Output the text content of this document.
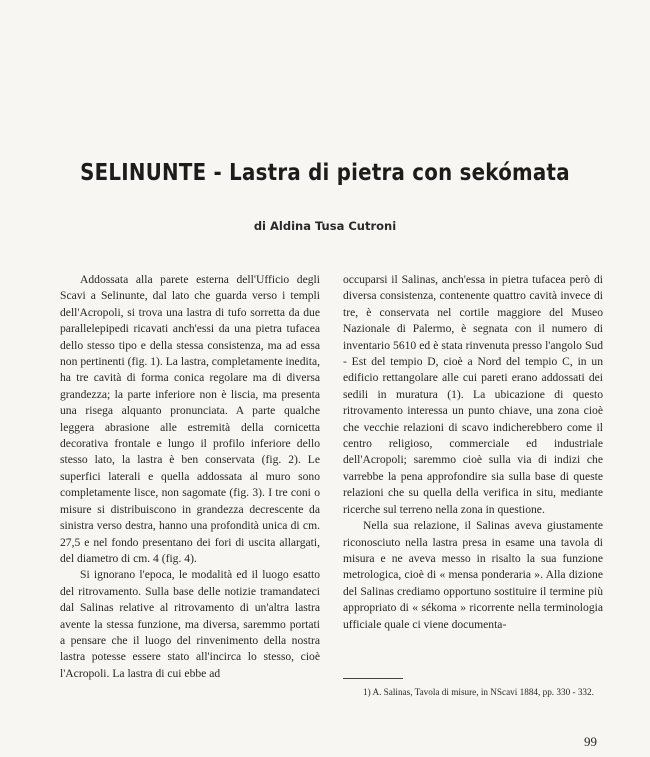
SELINUNTE - Lastra di pietra con sekómata

di Aldina Tusa Cutroni

Addossata alla parete esterna dell'Ufficio degli Scavi a Selinunte, dal lato che guarda verso i templi dell'Acropoli, si trova una lastra di tufo sorretta da due parallelepipedi ricavati anch'essi da una pietra tufacea dello stesso tipo e della stessa consistenza, ma ad essa non pertinenti (fig. 1). La lastra, completamente inedita, ha tre cavità di forma conica regolare ma di diversa grandezza; la parte inferiore non è liscia, ma presenta una risega alquanto pronunciata. A parte qualche leggera abrasione alle estremità della cornicetta decorativa frontale e lungo il profilo inferiore dello stesso lato, la lastra è ben conservata (fig. 2). Le superfici laterali e quella addossata al muro sono completamente lisce, non sagomate (fig. 3). I tre coni o misure si distribuiscono in grandezza decrescente da sinistra verso destra, hanno una profondità unica di cm. 27,5 e nel fondo presentano dei fori di uscita allargati, del diametro di cm. 4 (fig. 4).

Si ignorano l'epoca, le modalità ed il luogo esatto del ritrovamento. Sulla base delle notizie tramandateci dal Salinas relative al ritrovamento di un'altra lastra avente la stessa funzione, ma diversa, saremmo portati a pensare che il luogo del rinvenimento della nostra lastra potesse essere stato all'incirca lo stesso, cioè l'Acropoli. La lastra di cui ebbe ad

occuparsi il Salinas, anch'essa in pietra tufacea però di diversa consistenza, contenente quattro cavità invece di tre, è conservata nel cortile maggiore del Museo Nazionale di Palermo, è segnata con il numero di inventario 5610 ed è stata rinvenuta presso l'angolo Sud - Est del tempio D, cioè a Nord del tempio C, in un edificio rettangolare alle cui pareti erano addossati dei sedili in muratura (1). La ubicazione di questo ritrovamento interessa un punto chiave, una zona cioè che vecchie relazioni di scavo indicherebbero come il centro religioso, commerciale ed industriale dell'Acropoli; saremmo cioè sulla via di indizi che varrebbe la pena approfondire sia sulla base di queste relazioni che su quella della verifica in situ, mediante ricerche sul terreno nella zona in questione.

Nella sua relazione, il Salinas aveva giustamente riconosciuto nella lastra presa in esame una tavola di misura e ne aveva messo in risalto la sua funzione metrologica, cioè di « mensa ponderaria ». Alla dizione del Salinas crediamo opportuno sostituire il termine più appropriato di « sékoma » ricorrente nella terminologia ufficiale quale ci viene documenta-

1) A. Salinas, Tavola di misure, in NScavi 1884, pp. 330 - 332.

99
